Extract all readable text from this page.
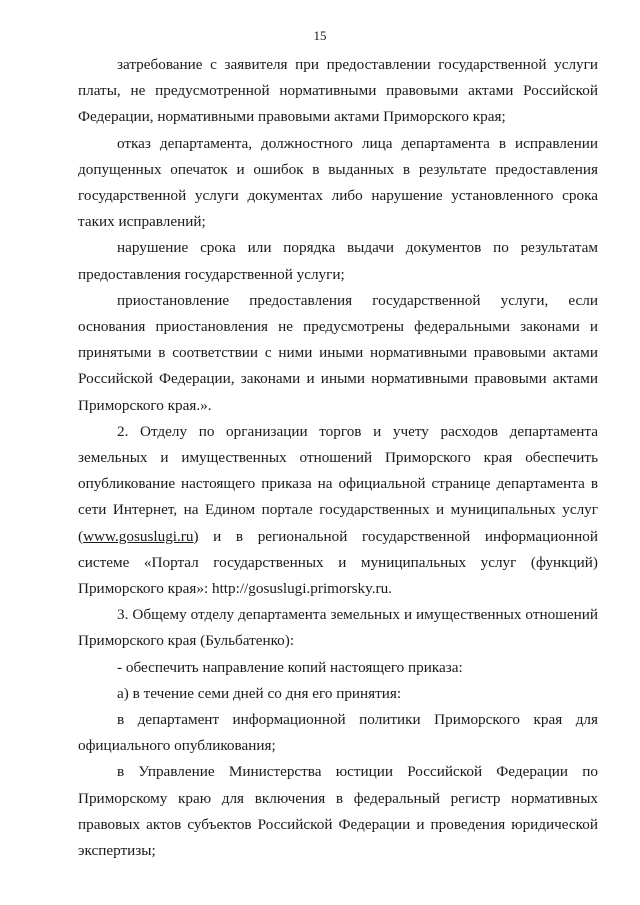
15

затребование с заявителя при предоставлении государственной услуги платы, не предусмотренной нормативными правовыми актами Российской Федерации, нормативными правовыми актами Приморского края;

отказ департамента, должностного лица департамента в исправлении допущенных опечаток и ошибок в выданных в результате предоставления государственной услуги документах либо нарушение установленного срока таких исправлений;

нарушение срока или порядка выдачи документов по результатам предоставления государственной услуги;

приостановление предоставления государственной услуги, если основания приостановления не предусмотрены федеральными законами и принятыми в соответствии с ними иными нормативными правовыми актами Российской Федерации, законами и иными нормативными правовыми актами Приморского края.».

2. Отделу по организации торгов и учету расходов департамента земельных и имущественных отношений Приморского края обеспечить опубликование настоящего приказа на официальной странице департамента в сети Интернет, на Едином портале государственных и муниципальных услуг (www.gosuslugi.ru) и в региональной государственной информационной системе «Портал государственных и муниципальных услуг (функций) Приморского края»: http://gosuslugi.primorsky.ru.

3. Общему отделу департамента земельных и имущественных отношений Приморского края (Бульбатенко):

- обеспечить направление копий настоящего приказа:

а) в течение семи дней со дня его принятия:

в департамент информационной политики Приморского края для официального опубликования;

в Управление Министерства юстиции Российской Федерации по Приморскому краю для включения в федеральный регистр нормативных правовых актов субъектов Российской Федерации и проведения юридической экспертизы;
